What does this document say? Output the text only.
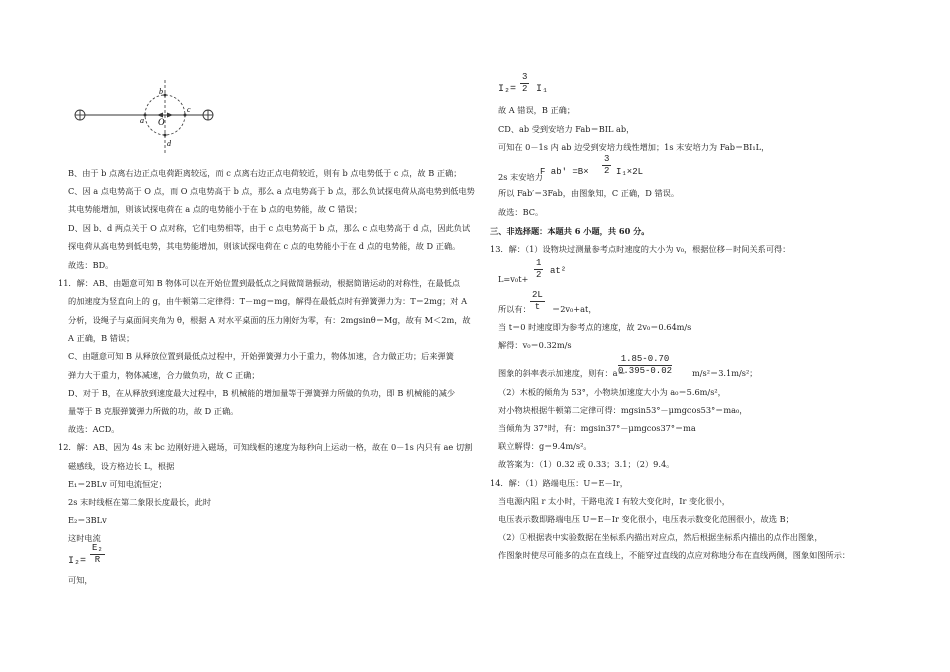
a
c
b
d
O
B、由于 b 点离右边正点电荷距离较远，而 c 点离右边正点电荷较近，则有 b 点电势低于 c 点，故 B 正确；
C、因 a 点电势高于 O 点，而 O 点电势高于 b 点，那么 a 点电势高于 b 点，那么负试探电荷从高电势到低电势
其电势能增加，则该试探电荷在 a 点的电势能小于在 b 点的电势能，故 C 错误；
D、因 b、d 两点关于 O 点对称，它们电势相等，由于 c 点电势高于 b 点，那么 c 点电势高于 d 点，因此负试
探电荷从高电势到低电势，其电势能增加，则该试探电荷在 c 点的电势能小于在 d 点的电势能，故 D 正确。
故选：BD。
11．解：AB、由题意可知 B 物体可以在开始位置到最低点之间做简谐振动，根据简谐运动的对称性，在最低点
的加速度为竖直向上的 g，由牛顿第二定律得：T－mg＝mg，解得在最低点时有弹簧弹力为：T＝2mg；对 A
分析，设绳子与桌面间夹角为 θ，根据 A 对水平桌面的压力刚好为零，有：2mgsinθ＝Mg，故有 M＜2m，故
A 正确，B 错误；
C、由题意可知 B 从释放位置到最低点过程中，开始弹簧弹力小于重力，物体加速，合力做正功；后来弹簧
弹力大于重力，物体减速，合力做负功，故 C 正确；
D、对于 B，在从释放到速度最大过程中，B 机械能的增加量等于弹簧弹力所做的负功，即 B 机械能的减少
量等于 B 克服弹簧弹力所做的功，故 D 正确。
故选：ACD。
12．解：AB、因为 4s 末 bc 边刚好进入磁场，可知线框的速度为每秒向上运动一格，故在 0－1s 内只有 ae 切割
磁感线，设方格边长 L，根据
E₁＝2BLv 可知电流恒定；
2s 末时线框在第二象限长度最长，此时
E₂＝3BLv
这时电流
$I_2= \frac{\text{E₂}}{R}$
可知，
$I_2= \frac{3}{2} I_1$
故 A 错误，B 正确；
CD、ab 受到安培力 Fab＝BIL ab，
可知在 0－1s 内 ab 边受到安培力线性增加；1s 末安培力为 Fab＝BI₁L，
2s 末安培力
F $ab' =B\times \frac{3}{2} I_1\times 2L$
所以 Fab′＝3Fab，由图象知，C 正确，D 错误。
故选：BC。
三、非选择题：本题共 6 小题，共 60 分。
13．解：（1）设物块过测量参考点时速度的大小为 v₀，根据位移－时间关系可得：
$L=v_0t+ \frac{1}{2} at^2$
所以有： $\frac{2L}{t} =2v_0+at$，
当 t＝0 时速度即为参考点的速度，故 2v₀＝0.64m/s
解得：v₀＝0.32m/s
图象的斜率表示加速度，则有：a＝
$\frac{1.85-0.70}{0.395-0.02} m/s^2=3.1m/s^2$；
（2）木板的倾角为 53°，小物块加速度大小为 a₀＝5.6m/s²，
对小物块根据牛顿第二定律可得：mgsin53°－μmgcos53°＝ma₀，
当倾角为 37°时，有：mgsin37°－μmgcos37°＝ma
联立解得：g＝9.4m/s²。
故答案为：（1）0.32 或 0.33；3.1；（2）9.4。
14．解：（1）路端电压：U＝E－Ir，
当电源内阻 r 太小时，干路电流 I 有较大变化时，Ir 变化很小，
电压表示数即路端电压 U＝E－Ir 变化很小，电压表示数变化范围很小，故选 B；
（2）①根据表中实验数据在坐标系内描出对应点，然后根据坐标系内描出的点作出图象，
作图象时使尽可能多的点在直线上，不能穿过直线的点应对称地分布在直线两侧，图象如图所示：
